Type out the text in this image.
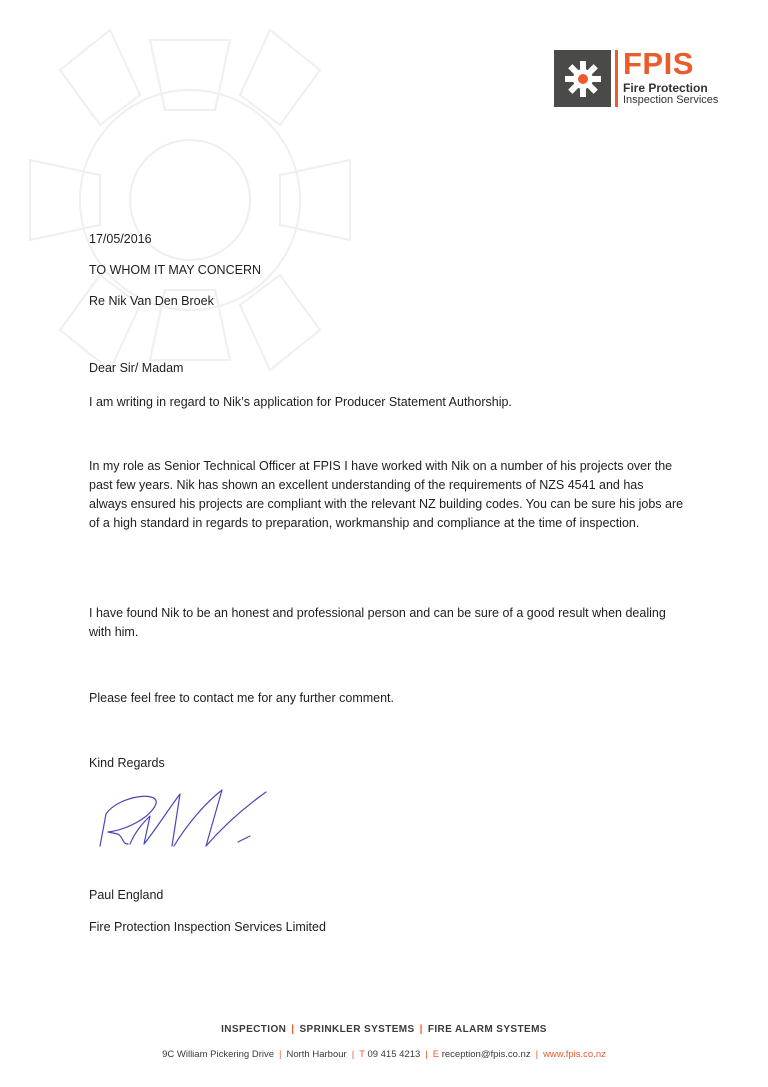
FPIS
Fire Protection
Inspection Services
17/05/2016
TO WHOM IT MAY CONCERN
Re Nik Van Den Broek
Dear Sir/ Madam
I am writing in regard to Nik’s application for Producer Statement Authorship.
In my role as Senior Technical Officer at FPIS I have worked with Nik on a number of his projects over the past few years. Nik has shown an excellent understanding of the requirements of NZS 4541 and has always ensured his projects are compliant with the relevant NZ building codes. You can be sure his jobs are of a high standard in regards to preparation, workmanship and compliance at the time of inspection.
I have found Nik to be an honest and professional person and can be sure of a good result when dealing with him.
Please feel free to contact me for any further comment.
Kind Regards
Paul England
Fire Protection Inspection Services Limited
INSPECTION | SPRINKLER SYSTEMS | FIRE ALARM SYSTEMS
9C William Pickering Drive | North Harbour | T 09 415 4213 | E reception@fpis.co.nz | www.fpis.co.nz
